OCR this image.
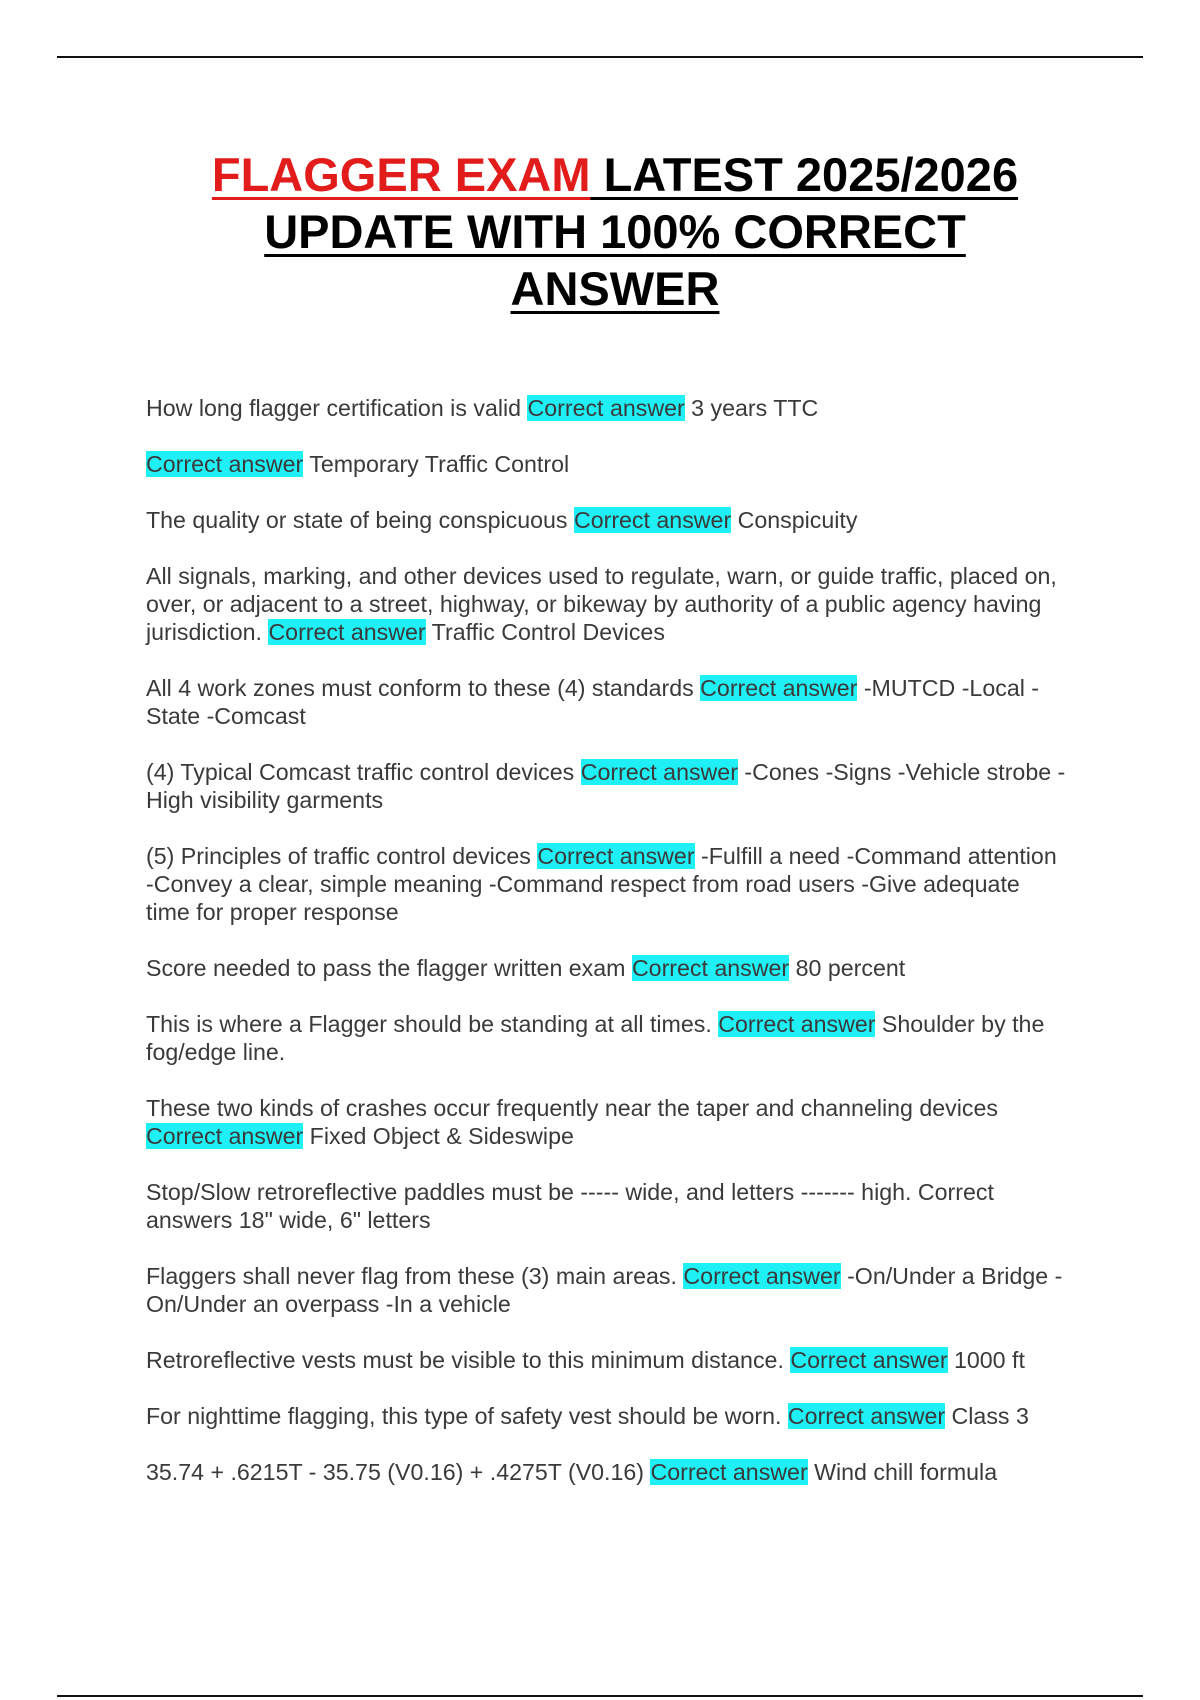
FLAGGER EXAM LATEST 2025/2026
UPDATE WITH 100% CORRECT
ANSWER
How long flagger certification is valid Correct answer 3 years TTC
Correct answer Temporary Traffic Control
The quality or state of being conspicuous Correct answer Conspicuity
All signals, marking, and other devices used to regulate, warn, or guide traffic, placed on, over, or adjacent to a street, highway, or bikeway by authority of a public agency having jurisdiction. Correct answer Traffic Control Devices
All 4 work zones must conform to these (4) standards Correct answer -MUTCD -Local -State -Comcast
(4) Typical Comcast traffic control devices Correct answer -Cones -Signs -Vehicle strobe -High visibility garments
(5) Principles of traffic control devices Correct answer -Fulfill a need -Command attention -Convey a clear, simple meaning -Command respect from road users -Give adequate time for proper response
Score needed to pass the flagger written exam Correct answer 80 percent
This is where a Flagger should be standing at all times. Correct answer Shoulder by the fog/edge line.
These two kinds of crashes occur frequently near the taper and channeling devices Correct answer Fixed Object & Sideswipe
Stop/Slow retroreflective paddles must be ----- wide, and letters ------- high. Correct answers 18" wide, 6" letters
Flaggers shall never flag from these (3) main areas. Correct answer -On/Under a Bridge -On/Under an overpass -In a vehicle
Retroreflective vests must be visible to this minimum distance. Correct answer 1000 ft
For nighttime flagging, this type of safety vest should be worn. Correct answer Class 3
35.74 + .6215T - 35.75 (V0.16) + .4275T (V0.16) Correct answer Wind chill formula
